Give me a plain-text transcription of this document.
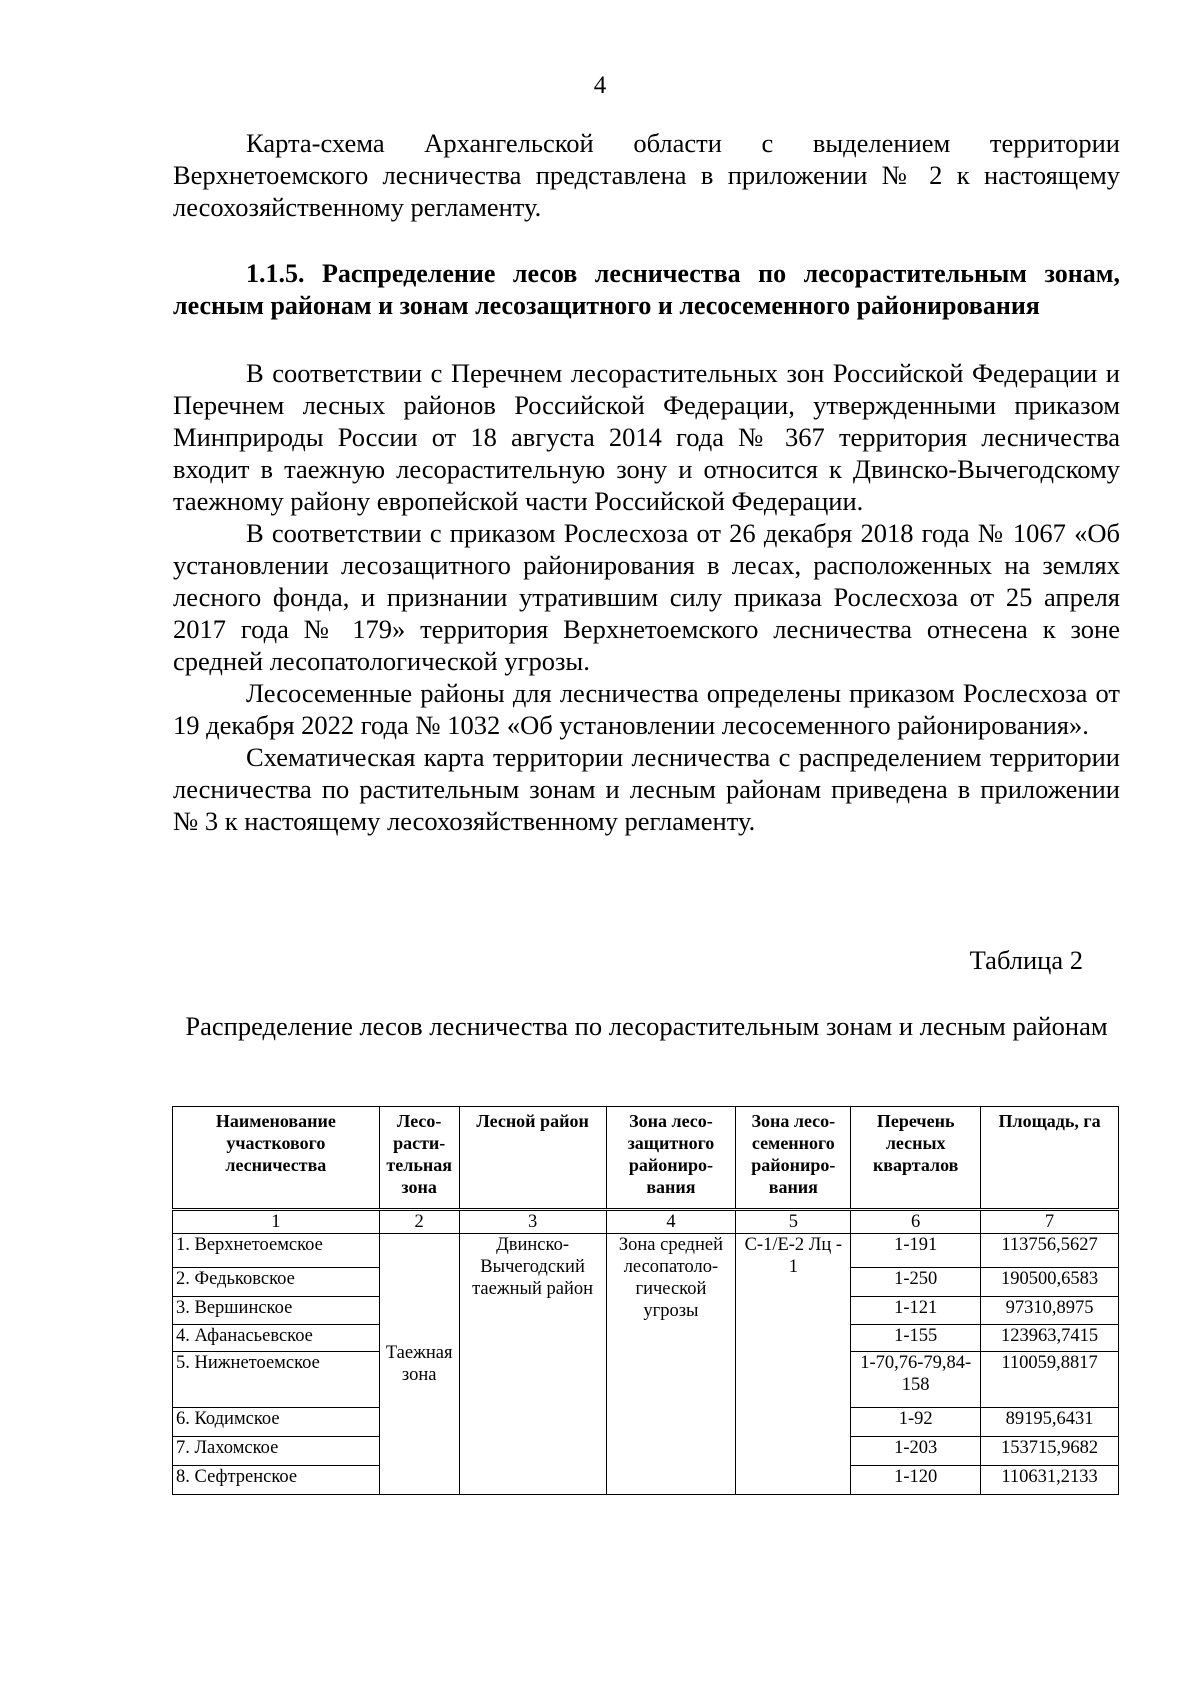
4

Карта-схема Архангельской области с выделением территории Верхнетоемского лесничества представлена в приложении № 2 к настоящему лесохозяйственному регламенту.

1.1.5. Распределение лесов лесничества по лесорастительным зонам, лесным районам и зонам лесозащитного и лесосеменного районирования

В соответствии с Перечнем лесорастительных зон Российской Федерации и Перечнем лесных районов Российской Федерации, утвержденными приказом Минприроды России от 18 августа 2014 года № 367 территория лесничества входит в таежную лесорастительную зону и относится к Двинско-Вычегодскому таежному району европейской части Российской Федерации.

В соответствии с приказом Рослесхоза от 26 декабря 2018 года № 1067 «Об установлении лесозащитного районирования в лесах, расположенных на землях лесного фонда, и признании утратившим силу приказа Рослесхоза от 25 апреля 2017 года № 179» территория Верхнетоемского лесничества отнесена к зоне средней лесопатологической угрозы.

Лесосеменные районы для лесничества определены приказом Рослесхоза от 19 декабря 2022 года № 1032 «Об установлении лесосеменного районирования».

Схематическая карта территории лесничества с распределением территории лесничества по растительным зонам и лесным районам приведена в приложении № 3 к настоящему лесохозяйственному регламенту.

Таблица 2
Распределение лесов лесничества по лесорастительным зонам и лесным районам
Наименование участкового лесничества	Лесо-расти-тельная зона	Лесной район	Зона лесо-защитного райониро-вания	Зона лесо-семенного райониро-вания	Перечень лесных кварталов	Площадь, га
1	2	3	4	5	6	7
1. Верхнетоемское	Таежная зона	Двинско-Вычегодский таежный район	Зона средней лесопатоло-гической угрозы	С-1/Е-2 Лц - 1	1-191	113756,5627
2. Федьковское					1-250	190500,6583
3. Вершинское					1-121	97310,8975
4. Афанасьевское					1-155	123963,7415
5. Нижнетоемское					1-70,76-79,84-158	110059,8817
6. Кодимское					1-92	89195,6431
7. Лахомское					1-203	153715,9682
8. Сефтренское					1-120	110631,2133
